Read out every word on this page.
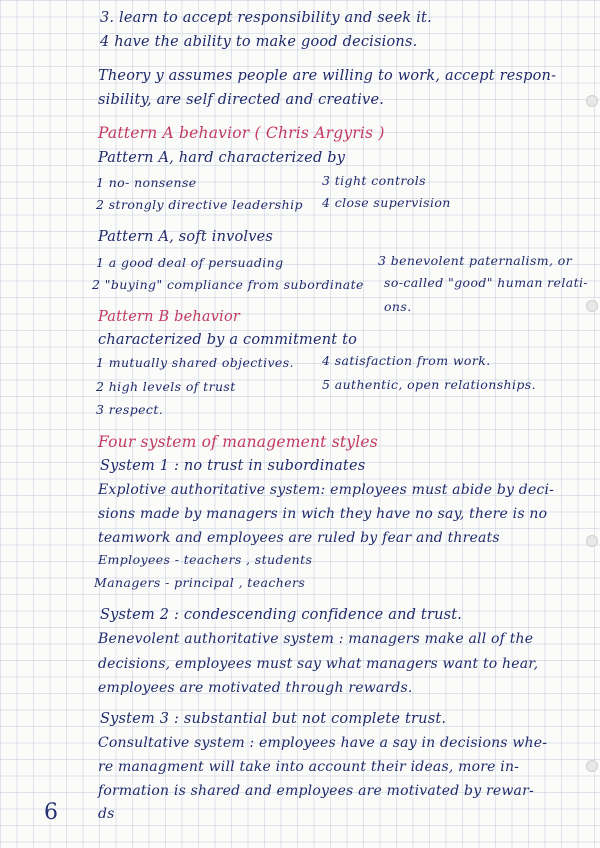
3. learn to accept responsibility and seek it.
4 have the ability to make good decisions.
Theory y assumes people are willing to work, accept respon-
sibility, are self directed and creative.
Pattern A behavior ( Chris Argyris )
Pattern A, hard characterized by
1 no- nonsense	3 tight controls
2 strongly directive leadership 4 close supervision
Pattern A, soft involves
1 a good deal of persuading	3 benevolent paternalism, or
2 "buying" compliance from subordinate so-called "good" human relati-
ons.
Pattern B behavior
characterized by a commitment to
1 mutually shared objectives. 4 satisfaction from work.
2 high levels of trust	5 authentic, open relationships.
3 respect.
Four system of management styles
System 1 : no trust in subordinates
Explotive authoritative system: employees must abide by deci-
sions made by managers in wich they have no say, there is no
teamwork and employees are ruled by fear and threats
Employees - teachers , students
Managers - principal , teachers
System 2 : condescending confidence and trust.
Benevolent authoritative system : managers make all of the
decisions, employees must say what managers want to hear,
employees are motivated through rewards.
System 3 : substantial but not complete trust.
Consultative system : employees have a say in decisions whe-
re managment will take into account their ideas, more in-
formation is shared and employees are motivated by rewar-
ds
6
